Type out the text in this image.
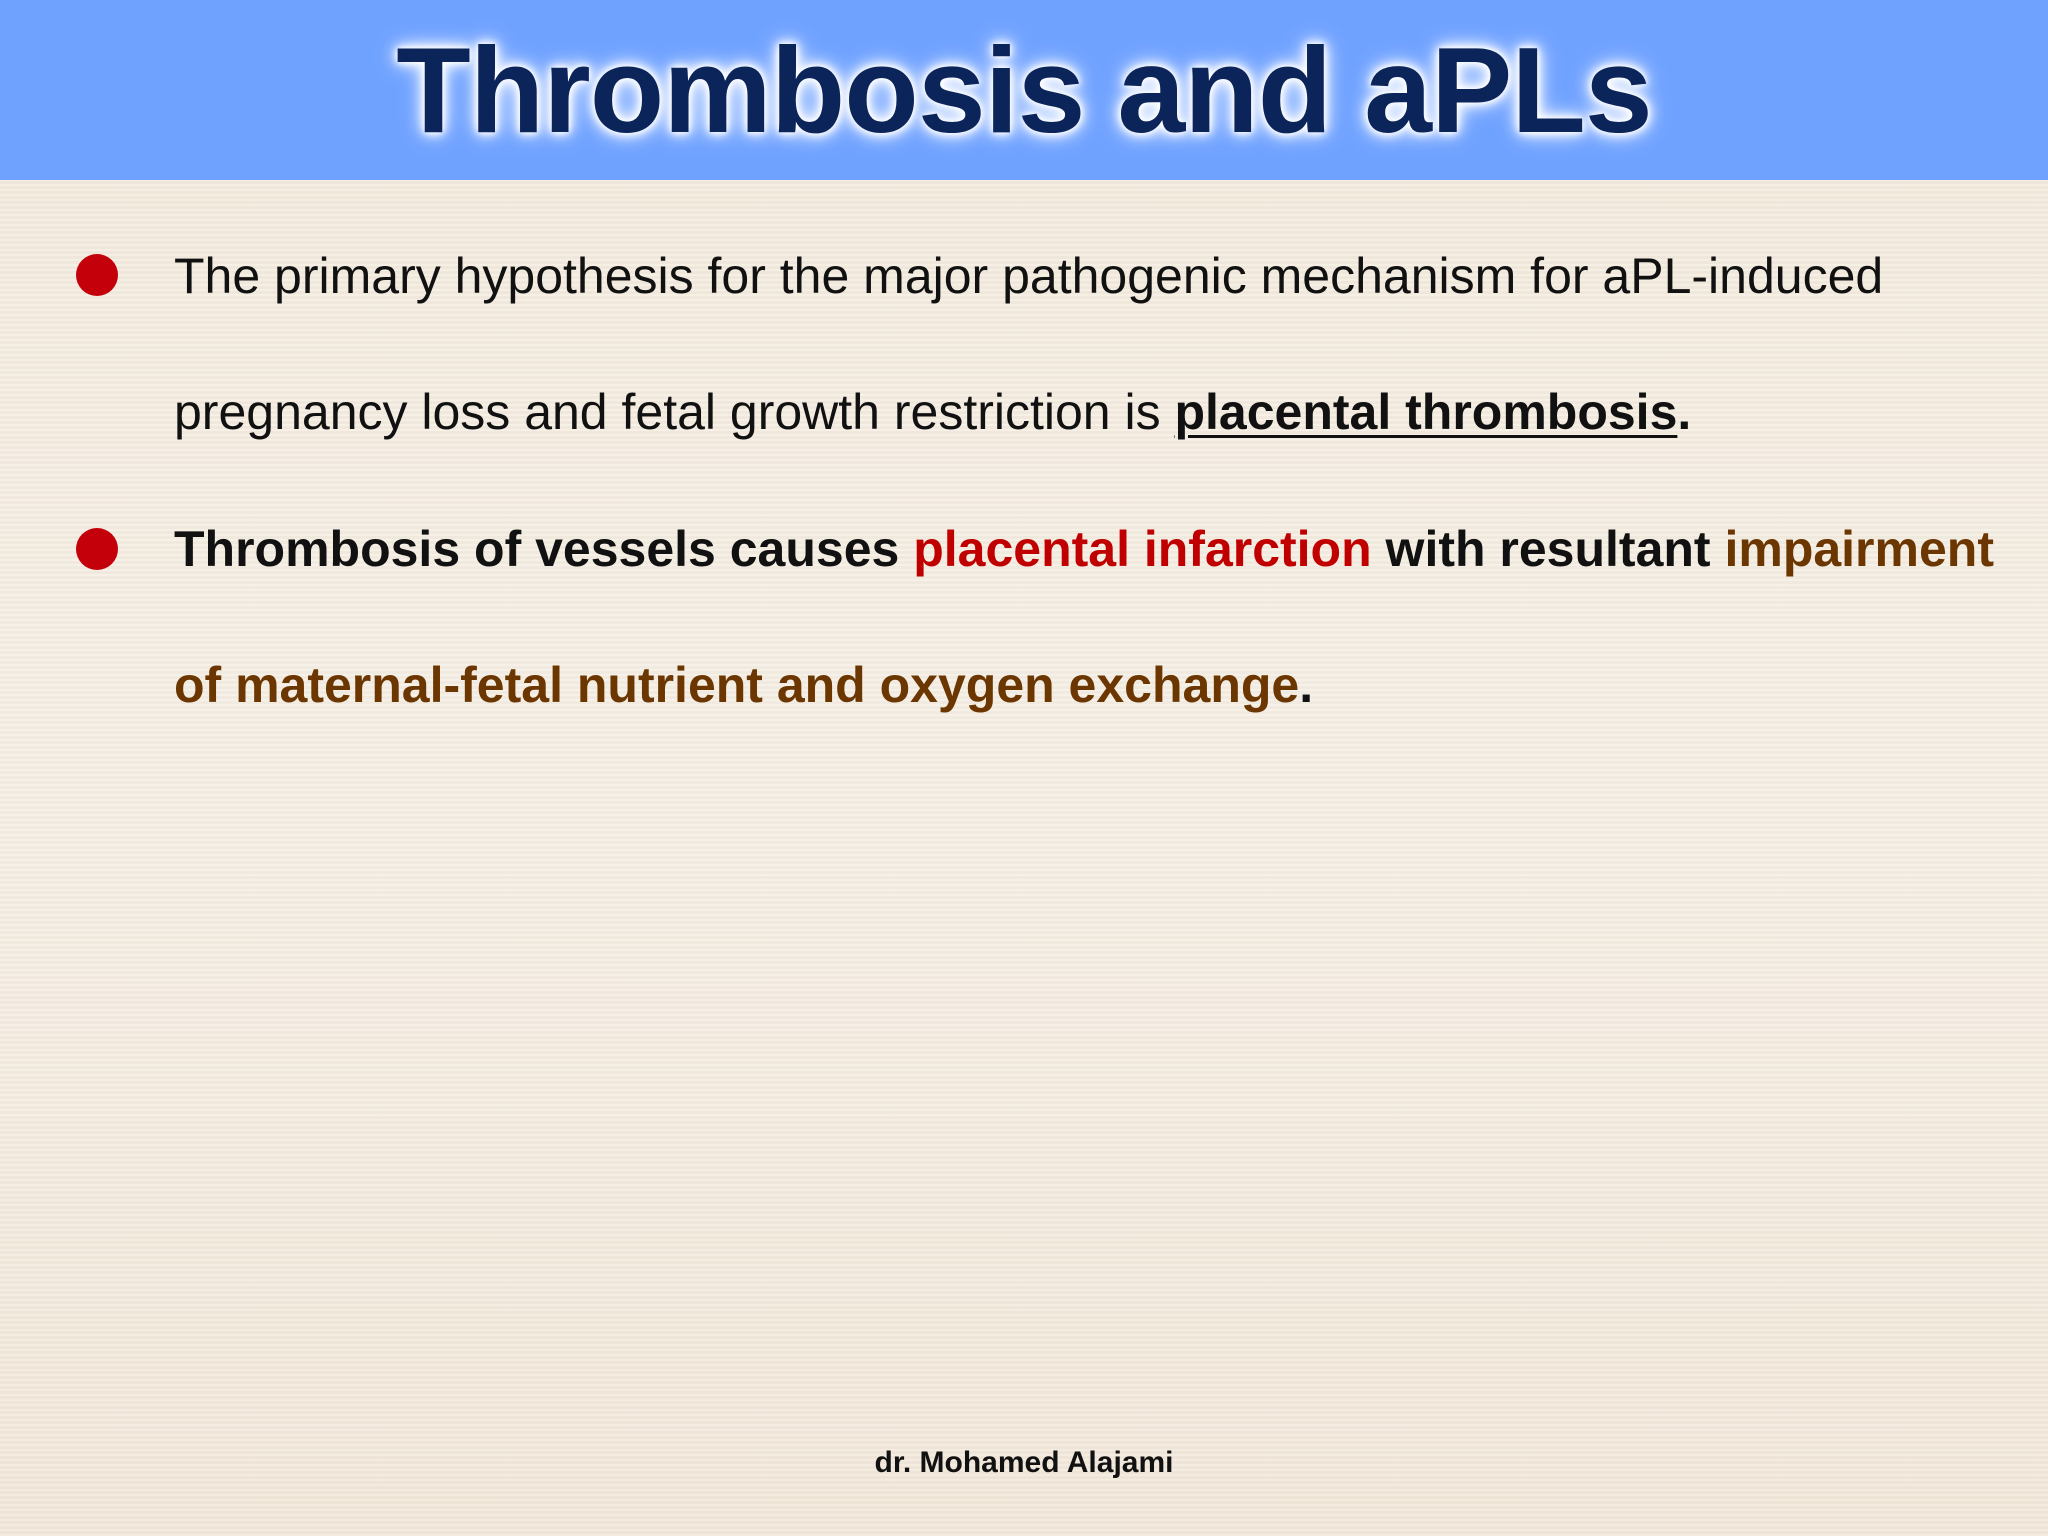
Thrombosis and aPLs

The primary hypothesis for the major pathogenic mechanism for aPL-induced pregnancy loss and fetal growth restriction is placental thrombosis.

Thrombosis of vessels causes placental infarction with resultant impairment of maternal-fetal nutrient and oxygen exchange.

dr. Mohamed Alajami
